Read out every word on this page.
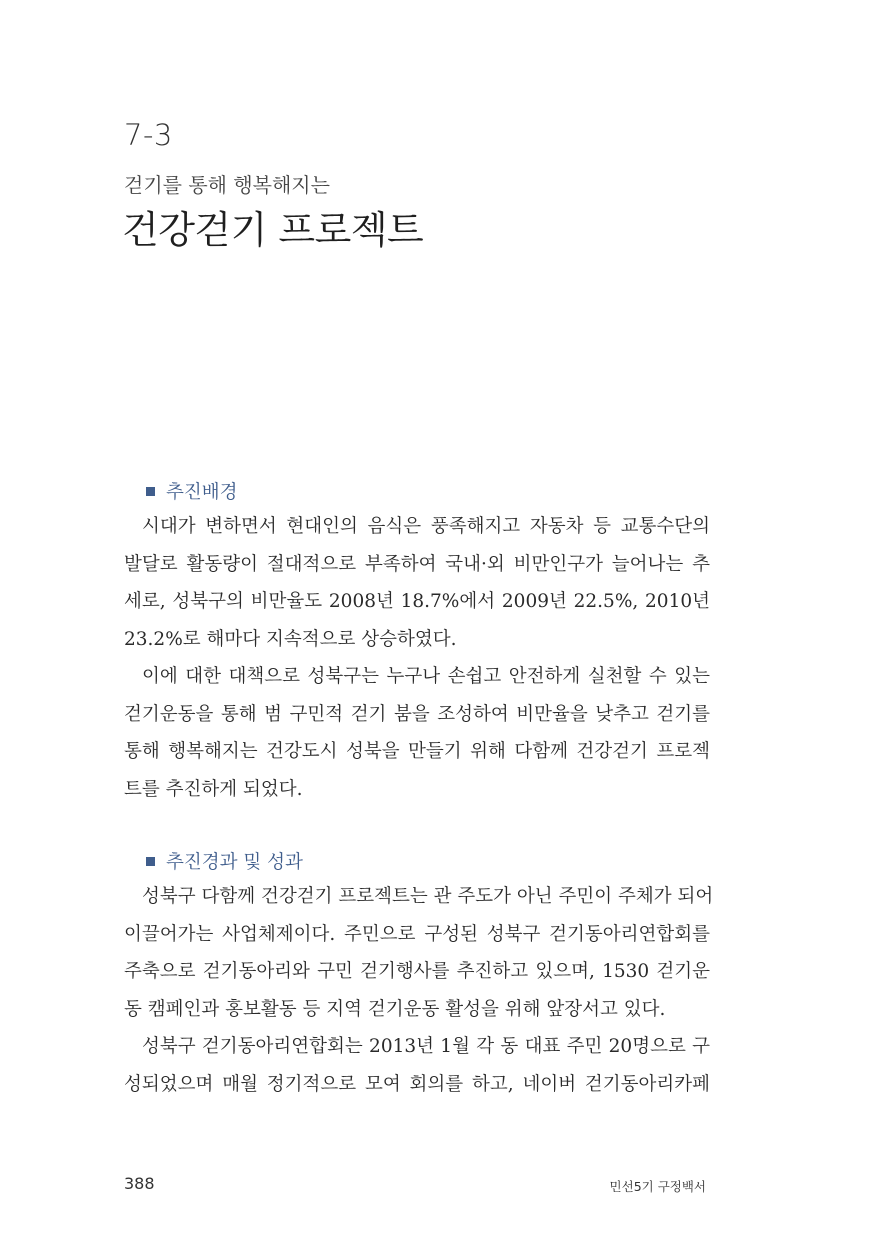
7-3
걷기를 통해 행복해지는
건강걷기 프로젝트
추진배경

시대가 변하면서 현대인의 음식은 풍족해지고 자동차 등 교통수단의
발달로 활동량이 절대적으로 부족하여 국내·외 비만인구가 늘어나는 추
세로, 성북구의 비만율도 2008년 18.7%에서 2009년 22.5%, 2010년
23.2%로 해마다 지속적으로 상승하였다.

이에 대한 대책으로 성북구는 누구나 손쉽고 안전하게 실천할 수 있는
걷기운동을 통해 범 구민적 걷기 붐을 조성하여 비만율을 낮추고 걷기를
통해 행복해지는 건강도시 성북을 만들기 위해 다함께 건강걷기 프로젝
트를 추진하게 되었다.

추진경과 및 성과

성북구 다함께 건강걷기 프로젝트는 관 주도가 아닌 주민이 주체가 되어
이끌어가는 사업체제이다. 주민으로 구성된 성북구 걷기동아리연합회를
주축으로 걷기동아리와 구민 걷기행사를 추진하고 있으며, 1530 걷기운
동 캠페인과 홍보활동 등 지역 걷기운동 활성을 위해 앞장서고 있다.

성북구 걷기동아리연합회는 2013년 1월 각 동 대표 주민 20명으로 구
성되었으며 매월 정기적으로 모여 회의를 하고, 네이버 걷기동아리카페

388	민선5기 구정백서
